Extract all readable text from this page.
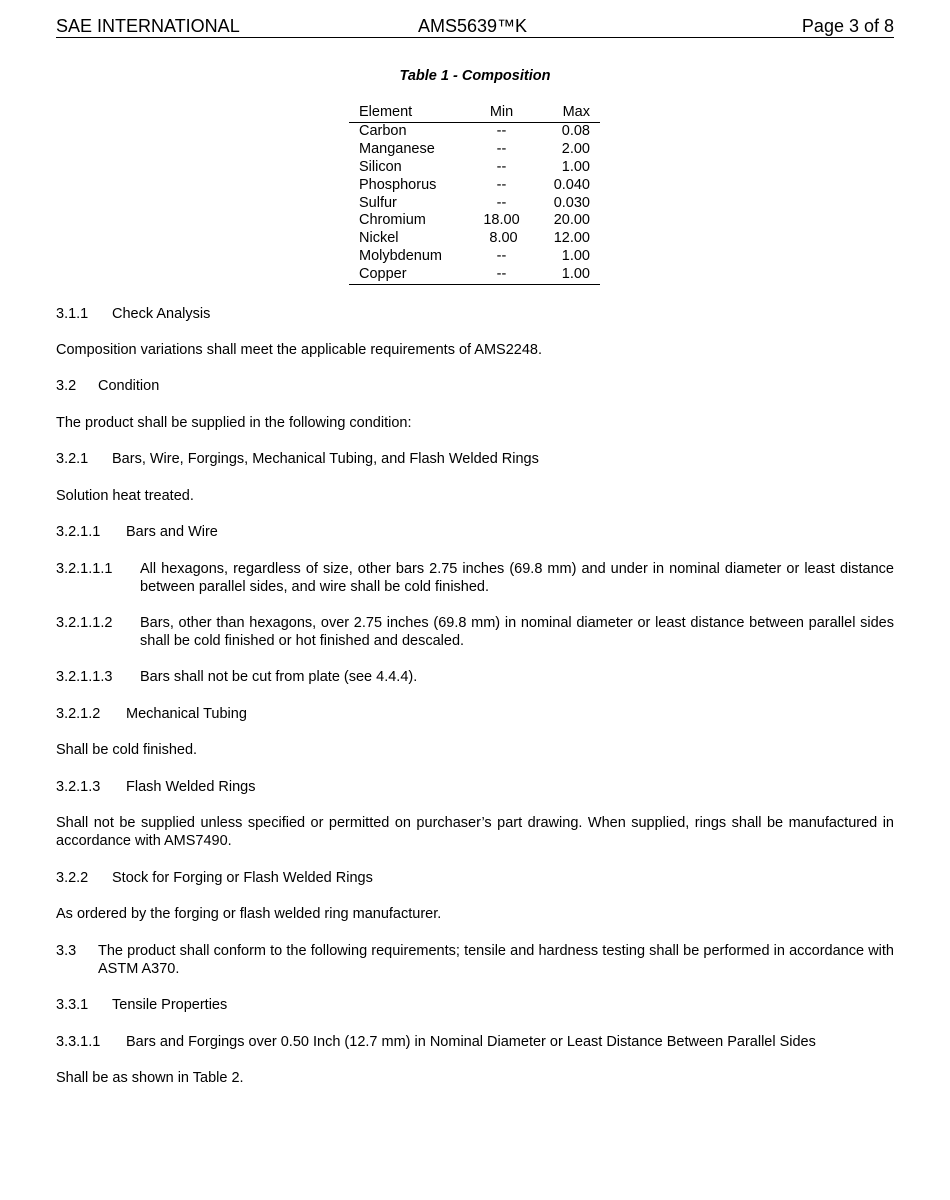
SAE INTERNATIONAL	AMS5639™K	Page 3 of 8
Table 1 - Composition
Element	Min	Max
Carbon	--	0.08
Manganese	--	2.00
Silicon	--	1.00
Phosphorus	--	0.040
Sulfur	--	0.030
Chromium	18.00	20.00
Nickel	8.00	12.00
Molybdenum	--	1.00
Copper	--	1.00
3.1.1 Check Analysis
Composition variations shall meet the applicable requirements of AMS2248.
3.2 Condition
The product shall be supplied in the following condition:
3.2.1 Bars, Wire, Forgings, Mechanical Tubing, and Flash Welded Rings
Solution heat treated.
3.2.1.1 Bars and Wire
3.2.1.1.1 All hexagons, regardless of size, other bars 2.75 inches (69.8 mm) and under in nominal diameter or least distance between parallel sides, and wire shall be cold finished.
3.2.1.1.2 Bars, other than hexagons, over 2.75 inches (69.8 mm) in nominal diameter or least distance between parallel sides shall be cold finished or hot finished and descaled.
3.2.1.1.3 Bars shall not be cut from plate (see 4.4.4).
3.2.1.2 Mechanical Tubing
Shall be cold finished.
3.2.1.3 Flash Welded Rings
Shall not be supplied unless specified or permitted on purchaser’s part drawing. When supplied, rings shall be manufactured in accordance with AMS7490.
3.2.2 Stock for Forging or Flash Welded Rings
As ordered by the forging or flash welded ring manufacturer.
3.3 The product shall conform to the following requirements; tensile and hardness testing shall be performed in accordance with ASTM A370.
3.3.1 Tensile Properties
3.3.1.1 Bars and Forgings over 0.50 Inch (12.7 mm) in Nominal Diameter or Least Distance Between Parallel Sides
Shall be as shown in Table 2.
